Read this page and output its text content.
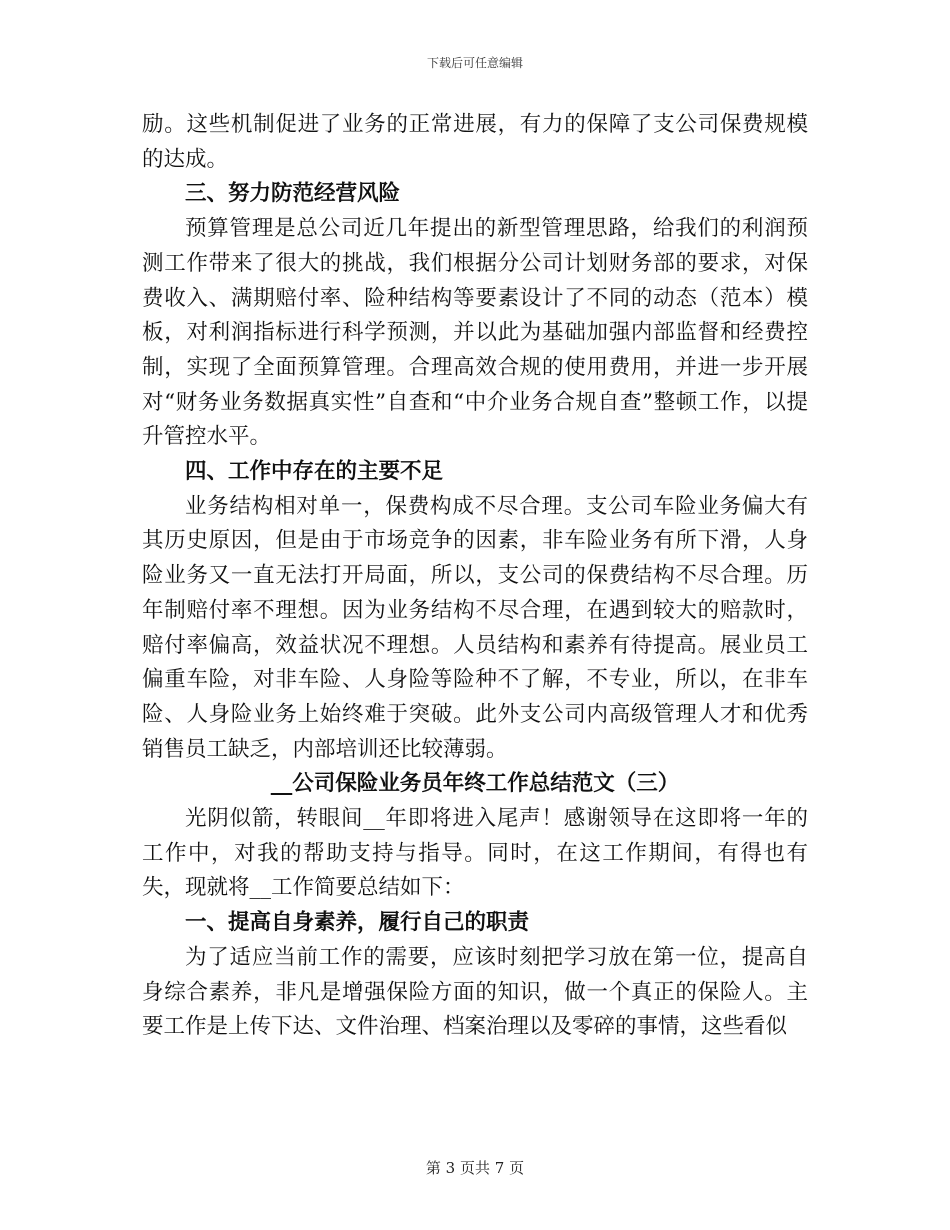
下载后可任意编辑

励。这些机制促进了业务的正常进展，有力的保障了支公司保费规模的达成。

三、努力防范经营风险

预算管理是总公司近几年提出的新型管理思路，给我们的利润预测工作带来了很大的挑战，我们根据分公司计划财务部的要求，对保费收入、满期赔付率、险种结构等要素设计了不同的动态（范本）模板，对利润指标进行科学预测，并以此为基础加强内部监督和经费控制，实现了全面预算管理。合理高效合规的使用费用，并进一步开展对“财务业务数据真实性”自查和“中介业务合规自查”整顿工作，以提升管控水平。

四、工作中存在的主要不足

业务结构相对单一，保费构成不尽合理。支公司车险业务偏大有其历史原因，但是由于市场竞争的因素，非车险业务有所下滑，人身险业务又一直无法打开局面，所以，支公司的保费结构不尽合理。历年制赔付率不理想。因为业务结构不尽合理，在遇到较大的赔款时，赔付率偏高，效益状况不理想。人员结构和素养有待提高。展业员工偏重车险，对非车险、人身险等险种不了解，不专业，所以，在非车险、人身险业务上始终难于突破。此外支公司内高级管理人才和优秀销售员工缺乏，内部培训还比较薄弱。

__公司保险业务员年终工作总结范文（三）

光阴似箭，转眼间__年即将进入尾声！感谢领导在这即将一年的工作中，对我的帮助支持与指导。同时，在这工作期间，有得也有失，现就将__工作简要总结如下：

一、提高自身素养，履行自己的职责

为了适应当前工作的需要，应该时刻把学习放在第一位，提高自身综合素养，非凡是增强保险方面的知识，做一个真正的保险人。主要工作是上传下达、文件治理、档案治理以及零碎的事情，这些看似

第 3 页共 7 页
